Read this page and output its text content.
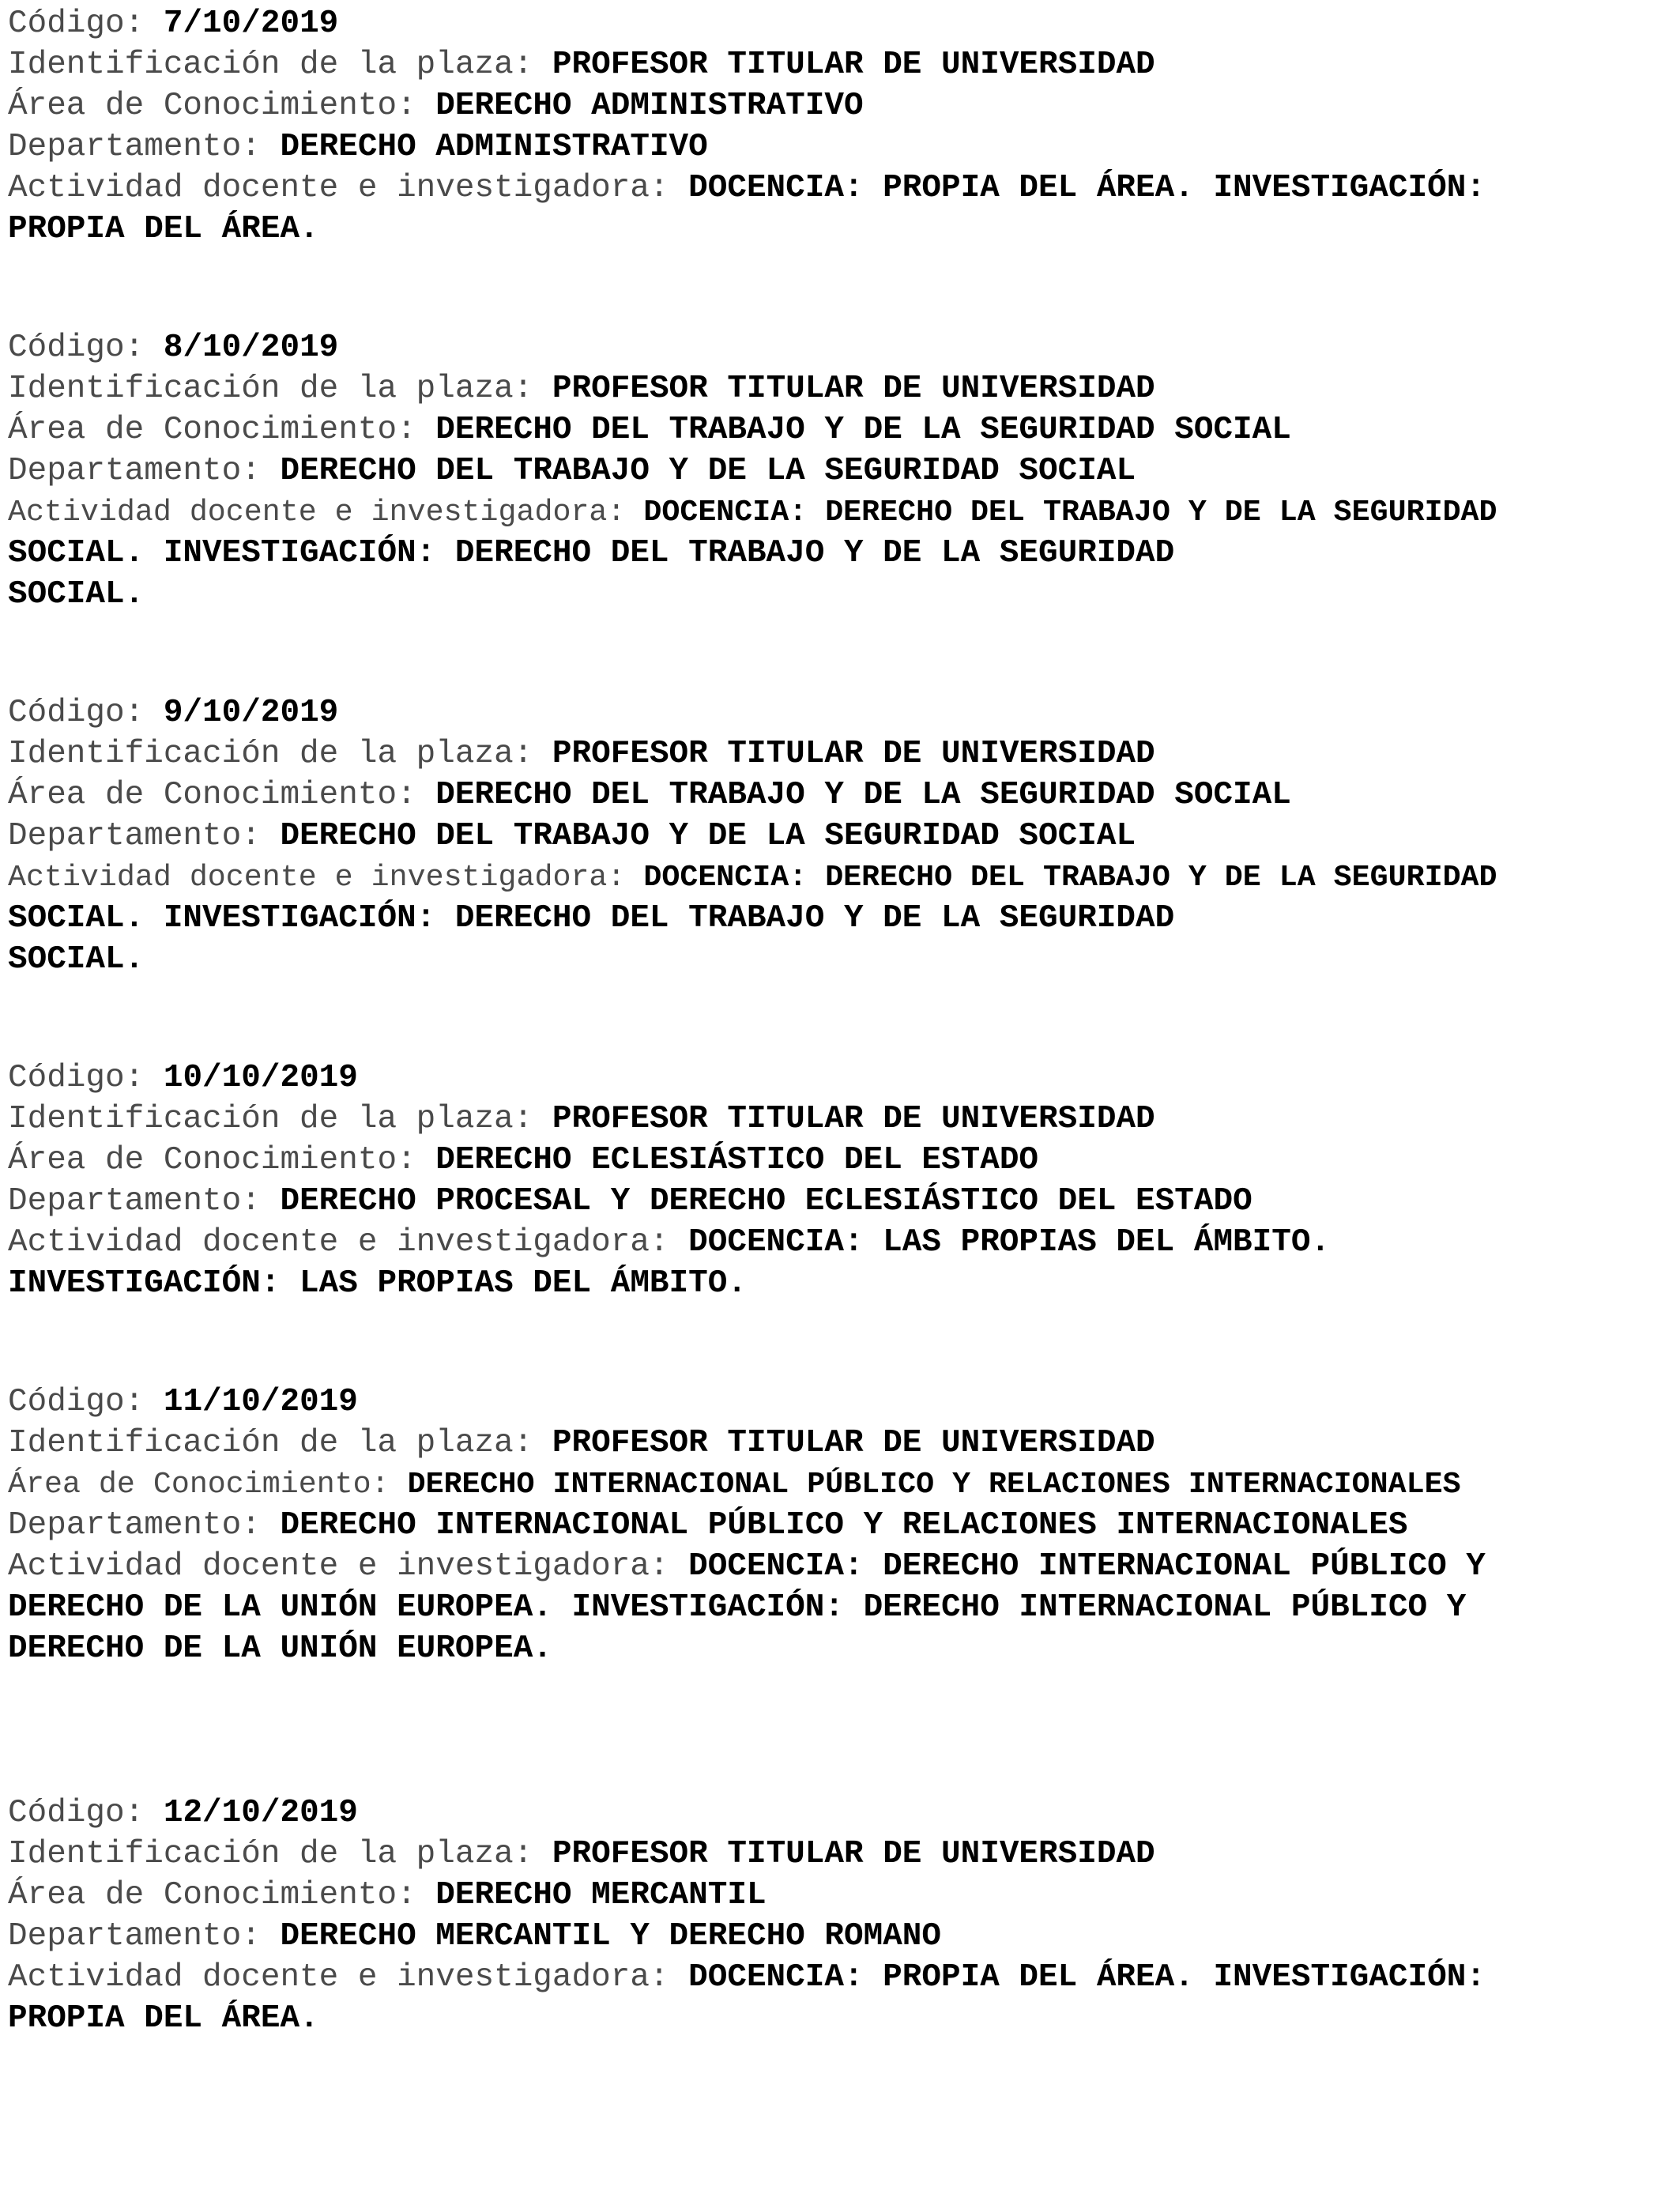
Código: 7/10/2019
Identificación de la plaza: PROFESOR TITULAR DE UNIVERSIDAD
Área de Conocimiento: DERECHO ADMINISTRATIVO
Departamento: DERECHO ADMINISTRATIVO
Actividad docente e investigadora: DOCENCIA: PROPIA DEL ÁREA. INVESTIGACIÓN:
PROPIA DEL ÁREA.
Código: 8/10/2019
Identificación de la plaza: PROFESOR TITULAR DE UNIVERSIDAD
Área de Conocimiento: DERECHO DEL TRABAJO Y DE LA SEGURIDAD SOCIAL
Departamento: DERECHO DEL TRABAJO Y DE LA SEGURIDAD SOCIAL
Actividad docente e investigadora: DOCENCIA: DERECHO DEL TRABAJO Y DE LA SEGURIDAD
SOCIAL. INVESTIGACIÓN: DERECHO DEL TRABAJO Y DE LA SEGURIDAD
SOCIAL.
Código: 9/10/2019
Identificación de la plaza: PROFESOR TITULAR DE UNIVERSIDAD
Área de Conocimiento: DERECHO DEL TRABAJO Y DE LA SEGURIDAD SOCIAL
Departamento: DERECHO DEL TRABAJO Y DE LA SEGURIDAD SOCIAL
Actividad docente e investigadora: DOCENCIA: DERECHO DEL TRABAJO Y DE LA SEGURIDAD
SOCIAL. INVESTIGACIÓN: DERECHO DEL TRABAJO Y DE LA SEGURIDAD
SOCIAL.
Código: 10/10/2019
Identificación de la plaza: PROFESOR TITULAR DE UNIVERSIDAD
Área de Conocimiento: DERECHO ECLESIÁSTICO DEL ESTADO
Departamento: DERECHO PROCESAL Y DERECHO ECLESIÁSTICO DEL ESTADO
Actividad docente e investigadora: DOCENCIA: LAS PROPIAS DEL ÁMBITO.
INVESTIGACIÓN: LAS PROPIAS DEL ÁMBITO.
Código: 11/10/2019
Identificación de la plaza: PROFESOR TITULAR DE UNIVERSIDAD
Área de Conocimiento: DERECHO INTERNACIONAL PÚBLICO Y RELACIONES INTERNACIONALES
Departamento: DERECHO INTERNACIONAL PÚBLICO Y RELACIONES INTERNACIONALES
Actividad docente e investigadora: DOCENCIA: DERECHO INTERNACIONAL PÚBLICO Y
DERECHO DE LA UNIÓN EUROPEA. INVESTIGACIÓN: DERECHO INTERNACIONAL PÚBLICO Y
DERECHO DE LA UNIÓN EUROPEA.
Código: 12/10/2019
Identificación de la plaza: PROFESOR TITULAR DE UNIVERSIDAD
Área de Conocimiento: DERECHO MERCANTIL
Departamento: DERECHO MERCANTIL Y DERECHO ROMANO
Actividad docente e investigadora: DOCENCIA: PROPIA DEL ÁREA. INVESTIGACIÓN:
PROPIA DEL ÁREA.
